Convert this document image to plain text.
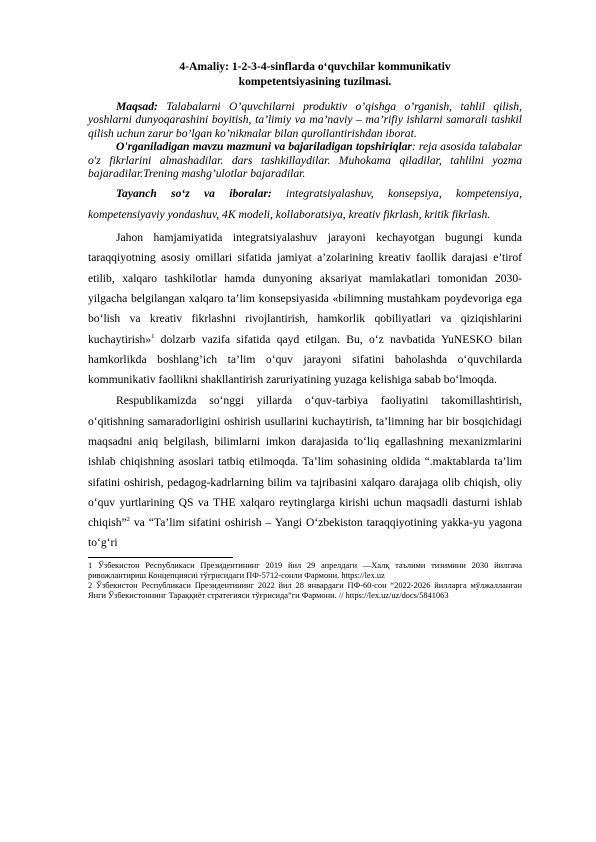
4-Amaliy: 1-2-3-4-sinflarda o‘quvchilar kommunikativ
kompetentsiyasining tuzilmasi.

Maqsad: Talabalarni O’quvchilarni produktiv o’qishga o’rganish, tahlil qilish, yoshlarni dunyoqarashini boyitish, ta’limiy va ma’naviy – ma’rifiy ishlarni samarali tashkil qilish uchun zarur bo’lgan ko’nikmalar bilan qurollantirishdan iborat.

O'rganiladigan mavzu mazmuni va bajariladigan topshiriqlar: reja asosida talabalar o'z fikrlarini almashadilar. dars tashkillaydilar. Muhokama qiladilar, tahlilni yozma bajaradilar.Trening mashg’ulotlar bajaradilar.

Tayanch so‘z va iboralar: integratsiyalashuv, konsepsiya, kompetensiya, kompetensiyaviy yondashuv, 4K modeli, kollaboratsiya, kreativ fikrlash, kritik fikrlash.

Jahon hamjamiyatida integratsiyalashuv jarayoni kechayotgan bugungi kunda taraqqiyotning asosiy omillari sifatida jamiyat a’zolarining kreativ faollik darajasi e’tirof etilib, xalqaro tashkilotlar hamda dunyoning aksariyat mamlakatlari tomonidan 2030-yilgacha belgilangan xalqaro ta’lim konsepsiyasida «bilimning mustahkam poydevoriga ega bo‘lish va kreativ fikrlashni rivojlantirish, hamkorlik qobiliyatlari va qiziqishlarini kuchaytirish»$^1$ dolzarb vazifa sifatida qayd etilgan. Bu, o‘z navbatida YuNESKO bilan hamkorlikda boshlang’ich ta’lim o‘quv jarayoni sifatini baholashda o‘quvchilarda kommunikativ faollikni shakllantirish zaruriyatining yuzaga kelishiga sabab bo‘lmoqda.

Respublikamizda so‘nggi yillarda o‘quv-tarbiya faoliyatini takomillashtirish, o‘qitishning samaradorligini oshirish usullarini kuchaytirish, ta’limning har bir bosqichidagi maqsadni aniq belgilash, bilimlarni imkon darajasida to‘liq egallashning mexanizmlarini ishlab chiqishning asoslari tatbiq etilmoqda. Ta’lim sohasining oldida “.maktablarda ta’lim sifatini oshirish, pedagog-kadrlarning bilim va tajribasini xalqaro darajaga olib chiqish, oliy o‘quv yurtlarining QS va THE xalqaro reytinglarga kirishi uchun maqsadli dasturni ishlab chiqish”$^2$ va “Ta’lim sifatini oshirish – Yangi O‘zbekiston taraqqiyotining yakka-yu yagona to‘g‘ri

1 Ўзбекистон Республикаси Президентининг 2019 йил 29 апрелдаги ―Халқ таълими тизимини 2030 йилгача ривожлантириш Концепциясиі тўғрисидаги ПФ-5712-сонли Фармони. https://lex.uz

2 Ўзбекистон Республикаси Президентининг 2022 йил 28 январдаги ПФ-60-сон “2022-2026 йилларга мўлжалланган Янги Ўзбекистоннинг Тараққиёт стратегияси тўғрисида”ги Фармони. // https://lex.uz/uz/docs/5841063
